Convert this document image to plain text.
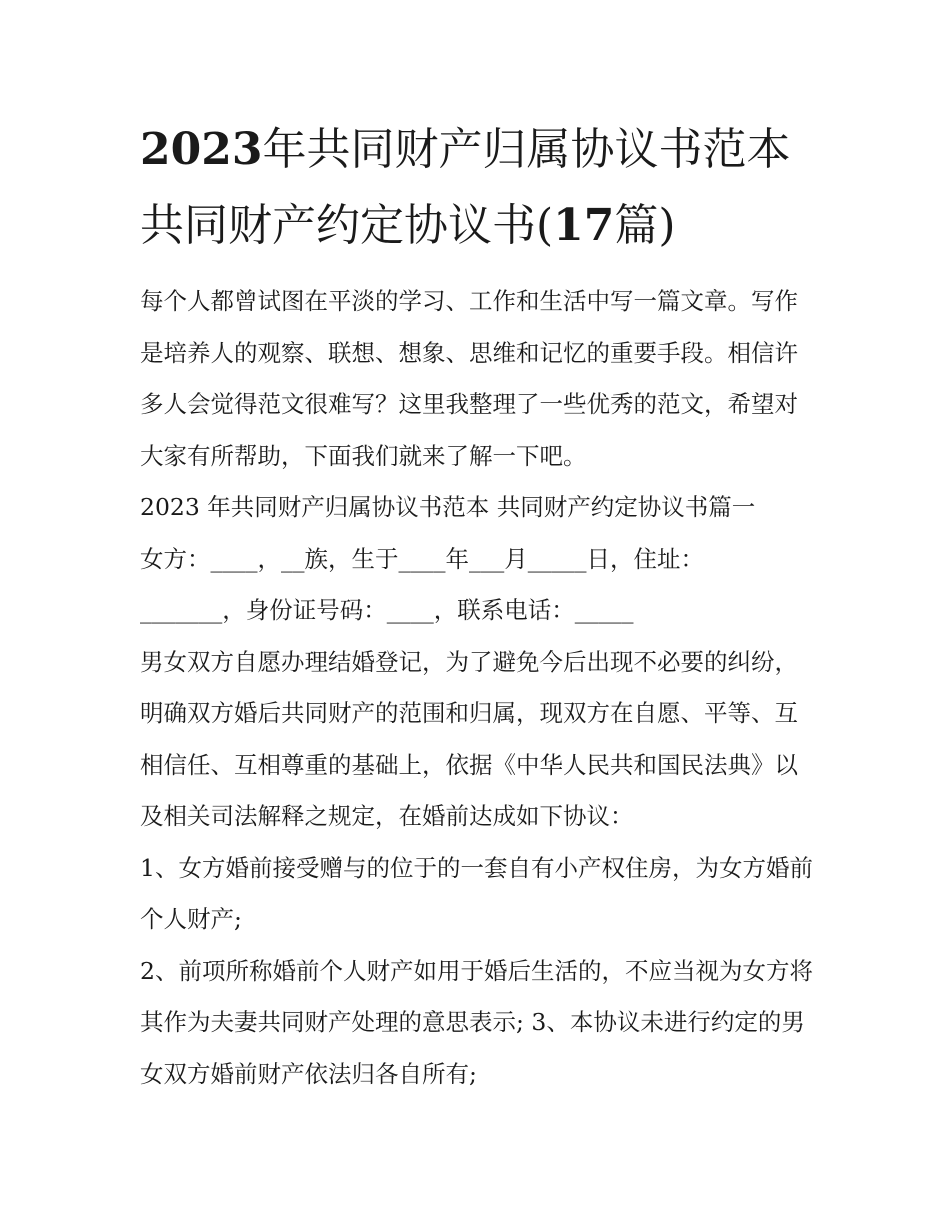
2023年共同财产归属协议书范本 共同财产约定协议书(17篇)

每个人都曾试图在平淡的学习、工作和生活中写一篇文章。写作是培养人的观察、联想、想象、思维和记忆的重要手段。相信许多人会觉得范文很难写？这里我整理了一些优秀的范文，希望对大家有所帮助，下面我们就来了解一下吧。

2023 年共同财产归属协议书范本 共同财产约定协议书篇一

女方：____，__族，生于____年___月_____日，住址：

_______，身份证号码：____，联系电话：_____

男女双方自愿办理结婚登记，为了避免今后出现不必要的纠纷，明确双方婚后共同财产的范围和归属，现双方在自愿、平等、互相信任、互相尊重的基础上，依据《中华人民共和国民法典》以及相关司法解释之规定，在婚前达成如下协议：

1、女方婚前接受赠与的位于的一套自有小产权住房，为女方婚前个人财产;

2、前项所称婚前个人财产如用于婚后生活的，不应当视为女方将其作为夫妻共同财产处理的意思表示; 3、本协议未进行约定的男女双方婚前财产依法归各自所有;
